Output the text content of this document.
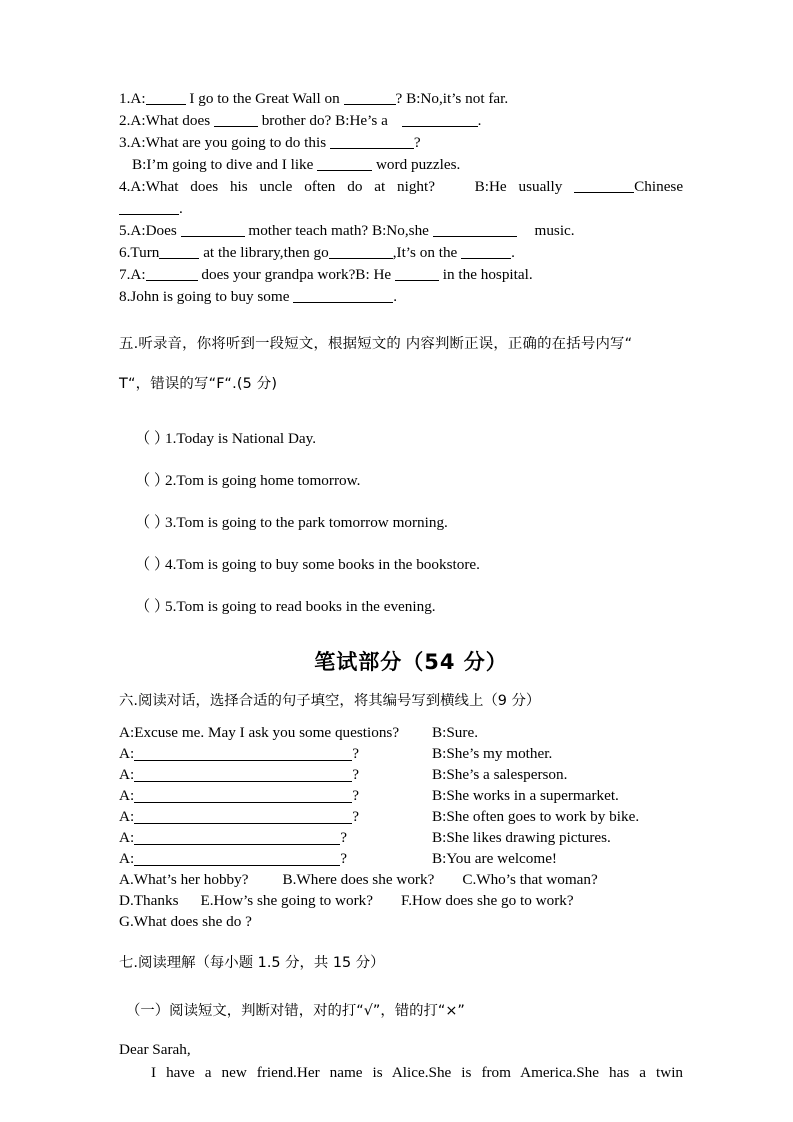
1.A:	I go to the Great Wall on	? B:No,it’s not far.
2.A:What does	brother do? B:He’s a	.
3.A:What are you going to do this	?
B:I’m going to dive and I like	word puzzles.
4.A:What does his uncle often do at night?	B:He usually	Chinese
.
5.A:Does	mother teach math? B:No,she	music.
6.Turn	at the library,then go	,It’s on the	.
7.A:	does your grandpa work?B: He	in the hospital.
8.John is going to buy some	.
五.听录音，你将听到一段短文，根据短文的 内容判断正误，正确的在括号内写“
T“，错误的写“F“.(5 分)
（ ）1.Today is National Day.
（ ）2.Tom is going home tomorrow.
（ ）3.Tom is going to the park tomorrow morning.
（ ）4.Tom is going to buy some books in the bookstore.
（ ）5.Tom is going to read books in the evening.
笔试部分（54 分）
六.阅读对话，选择合适的句子填空，将其编号写到横线上（9 分）
A:Excuse me. May I ask you some questions?	B:Sure.
A:	?	B:She’s my mother.
A:	?	B:She’s a salesperson.
A:	?	B:She works in a supermarket.
A:	?	B:She often goes to work by bike.
A:	?	B:She likes drawing pictures.
A:	?	B:You are welcome!
A.What’s her hobby? B.Where does she work? C.Who’s that woman?
D.Thanks E.How’s she going to work? F.How does she go to work?
G.What does she do ?
七.阅读理解（每小题 1.5 分，共 15 分）
（一）阅读短文，判断对错，对的打“√”，错的打“×”
Dear Sarah,
I have a new friend.Her name is Alice.She is from America.She has a twin
